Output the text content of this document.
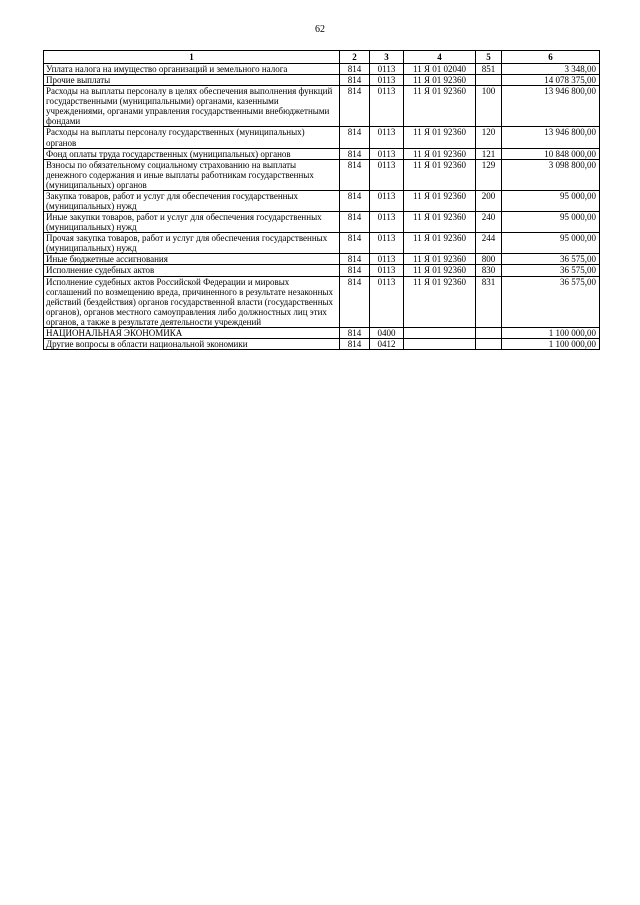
62
1	2	3	4	5	6
Уплата налога на имущество организаций и земельного налога	814	0113	11 Я 01 02040	851	3 348,00
Прочие выплаты	814	0113	11 Я 01 92360		14 078 375,00
Расходы на выплаты персоналу в целях обеспечения выполнения функций государственными (муниципальными) органами, казенными учреждениями, органами управления государственными внебюджетными фондами	814	0113	11 Я 01 92360	100	13 946 800,00
Расходы на выплаты персоналу государственных (муниципальных) органов	814	0113	11 Я 01 92360	120	13 946 800,00
Фонд оплаты труда государственных (муниципальных) органов	814	0113	11 Я 01 92360	121	10 848 000,00
Взносы по обязательному социальному страхованию на выплаты денежного содержания и иные выплаты работникам государственных (муниципальных) органов	814	0113	11 Я 01 92360	129	3 098 800,00
Закупка товаров, работ и услуг для обеспечения государственных (муниципальных) нужд	814	0113	11 Я 01 92360	200	95 000,00
Иные закупки товаров, работ и услуг для обеспечения государственных (муниципальных) нужд	814	0113	11 Я 01 92360	240	95 000,00
Прочая закупка товаров, работ и услуг для обеспечения государственных (муниципальных) нужд	814	0113	11 Я 01 92360	244	95 000,00
Иные бюджетные ассигнования	814	0113	11 Я 01 92360	800	36 575,00
Исполнение судебных актов	814	0113	11 Я 01 92360	830	36 575,00
Исполнение судебных актов Российской Федерации и мировых соглашений по возмещению вреда, причиненного в результате незаконных действий (бездействия) органов государственной власти (государственных органов), органов местного самоуправления либо должностных лиц этих органов, а также в результате деятельности учреждений	814	0113	11 Я 01 92360	831	36 575,00
НАЦИОНАЛЬНАЯ ЭКОНОМИКА	814	0400			1 100 000,00
Другие вопросы в области национальной экономики	814	0412			1 100 000,00
